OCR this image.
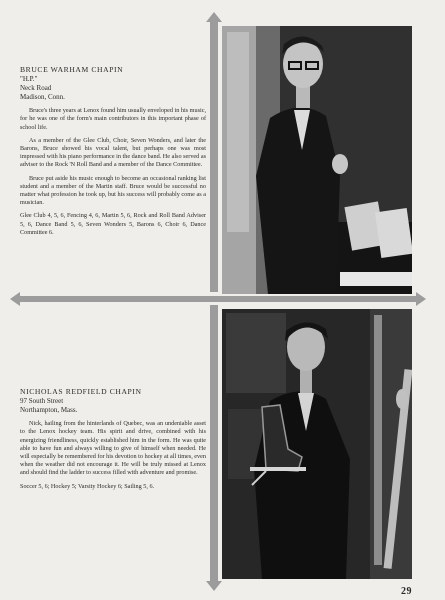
BRUCE WARHAM CHAPIN
"H.P."
Neck Road
Madison, Conn.
Bruce's three years at Lenox found him usually enveloped in his music, for he was one of the form's main contributors in this important phase of school life.
As a member of the Glee Club, Choir, Seven Wonders, and later the Barons, Bruce showed his vocal talent, but perhaps one was most impressed with his piano performance in the dance band. He also served as adviser to the Rock 'N Roll Band and a member of the Dance Committee.
Bruce put aside his music enough to become an occasional ranking list student and a member of the Martin staff. Bruce would be successful no matter what profession he took up, but his success will probably come as a musician.
Glee Club 4, 5, 6, Fencing 4, 6, Martin 5, 6, Rock and Roll Band Adviser 5, 6, Dance Band 5, 6, Seven Wonders 5, Barons 6, Choir 6, Dance Committee 6.
NICHOLAS REDFIELD CHAPIN
97 South Street
Northampton, Mass.
Nick, hailing from the hinterlands of Quebec, was an undeniable asset to the Lenox hockey team. His spirit and drive, combined with his energizing friendliness, quickly established him in the form. He was quite able to have fun and always willing to give of himself when needed. He will especially be remembered for his devotion to hockey at all times, even when the weather did not encourage it. He will be truly missed at Lenox and should find the ladder to success filled with adventure and promise.
Soccer 5, 6; Hockey 5; Varsity Hockey 6; Sailing 5, 6.
29
